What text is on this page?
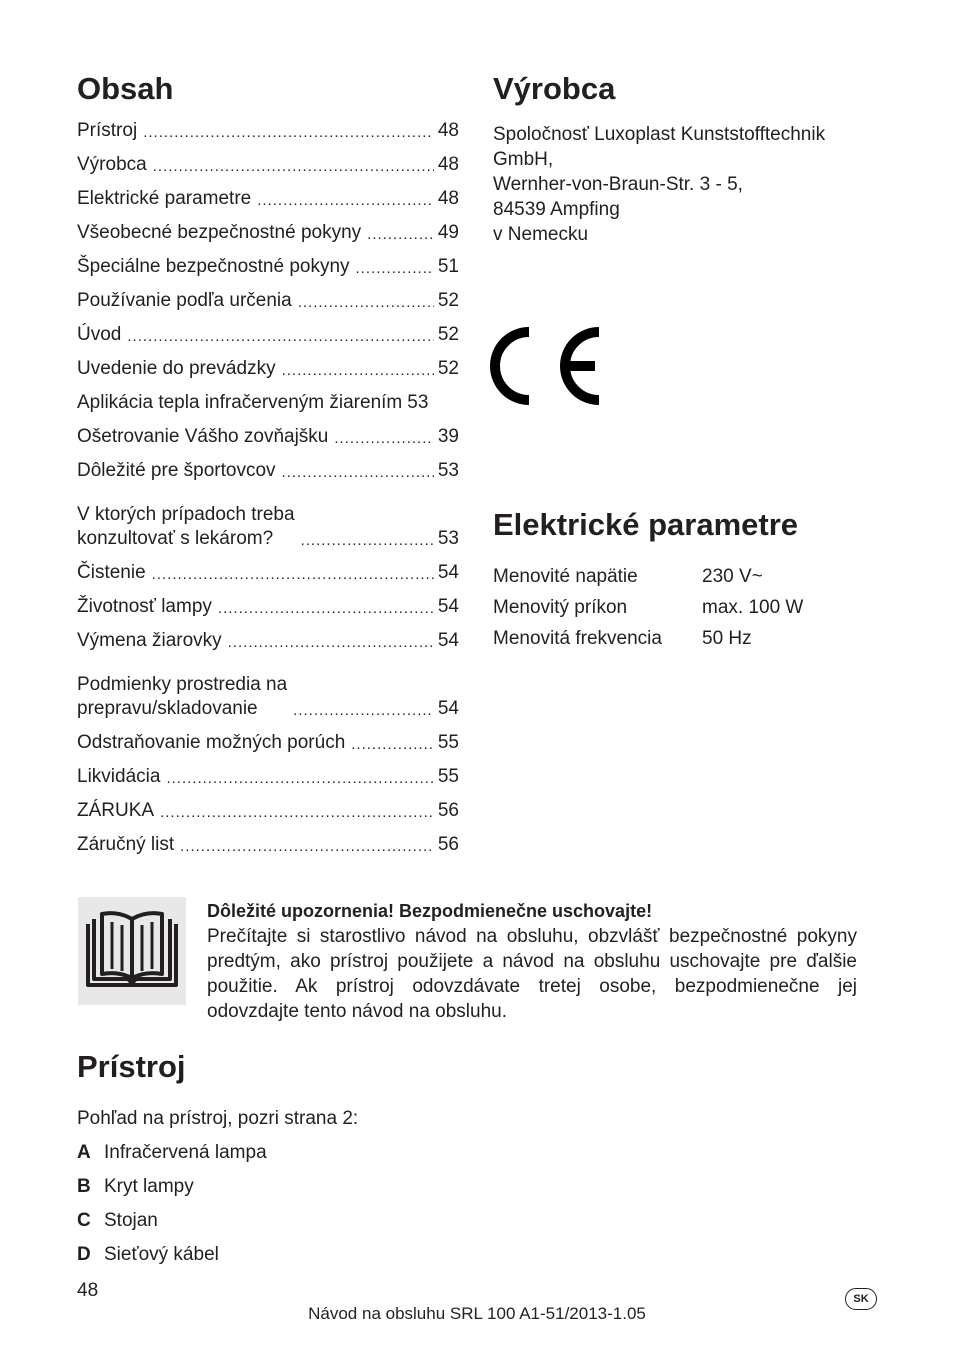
Obsah
Prístroj .....	48
Výrobca .....	48
Elektrické parametre .....	48
Všeobecné bezpečnostné pokyny .....	49
Špeciálne bezpečnostné pokyny .....	51
Používanie podľa určenia .....	52
Úvod .....	52
Uvedenie do prevádzky .....	52
Aplikácia tepla infračerveným žiarením 53
Ošetrovanie Vášho zovňajšku .....	39
Dôležité pre športovcov .....	53
V ktorých prípadoch treba
konzultovať s lekárom? .....	53
Čistenie .....	54
Životnosť lampy .....	54
Výmena žiarovky .....	54
Podmienky prostredia na
prepravu/skladovanie .....	54
Odstraňovanie možných porúch .....	55
Likvidácia .....	55
ZÁRUKA .....	56
Záručný list .....	56
Výrobca
Spoločnosť Luxoplast Kunststofftechnik
GmbH,
Wernher-von-Braun-Str. 3 - 5,
84539 Ampfing
v Nemecku
Elektrické parametre
Menovité napätie	230 V~
Menovitý príkon	max. 100 W
Menovitá frekvencia	50 Hz
Dôležité upozornenia! Bezpodmienečne uschovajte!
Prečítajte si starostlivo návod na obsluhu, obzvlášť bezpečnostné pokyny predtým, ako prístroj použijete a návod na obsluhu uschovajte pre ďalšie použitie. Ak prístroj odovzdávate tretej osobe, bezpodmienečne jej odovzdajte tento návod na obsluhu.
Prístroj
Pohľad na prístroj, pozri strana 2:
A Infračervená lampa
B Kryt lampy
C Stojan
D Sieťový kábel
48
Návod na obsluhu SRL 100 A1-51/2013-1.05
SK
